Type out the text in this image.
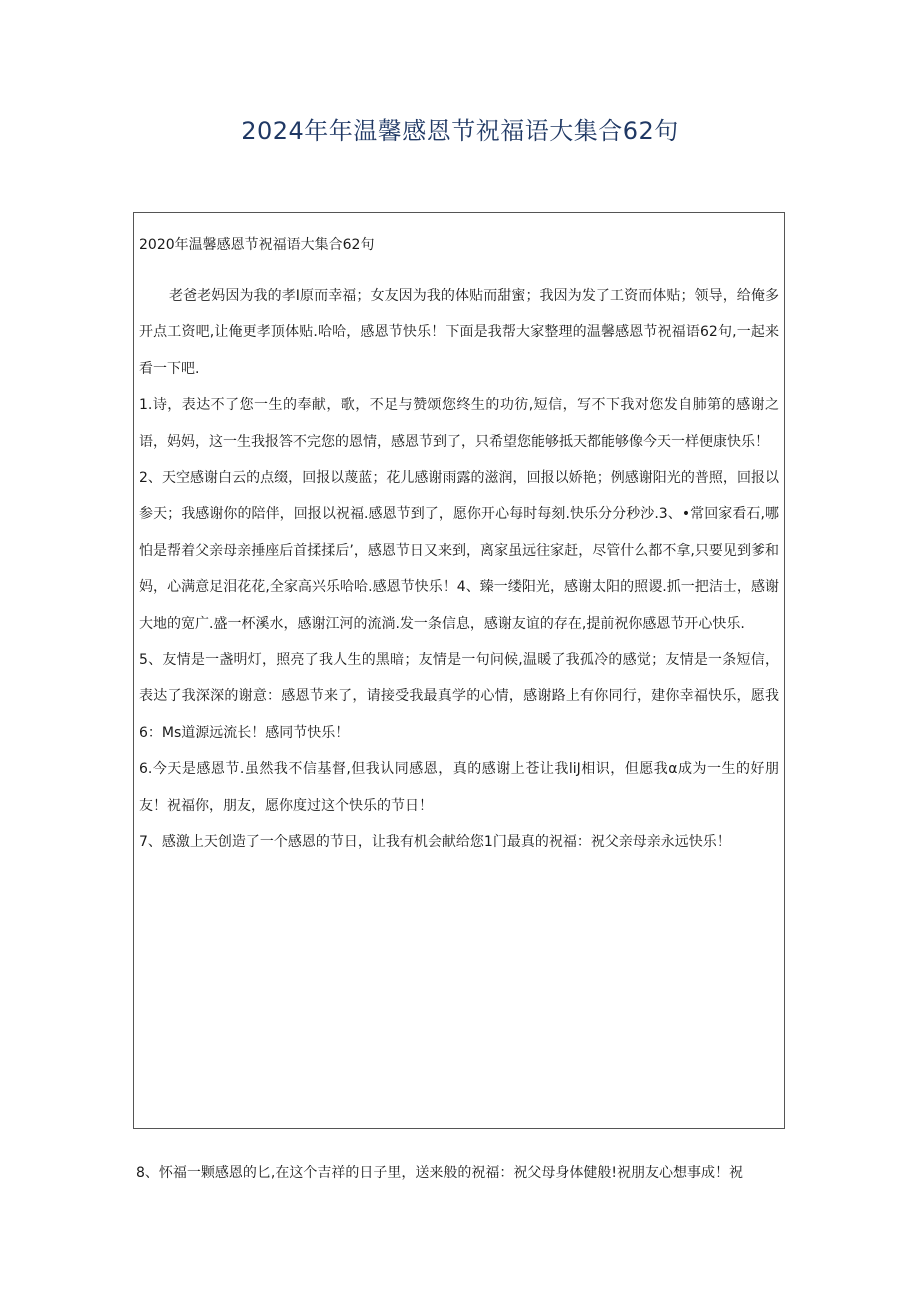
2024年年温馨感恩节祝福语大集合62句
2020年温馨感恩节祝福语大集合62句

老爸老妈因为我的孝I原而幸福；女友因为我的体贴而甜蜜；我因为发了工资而体贴；领导，给俺多开点工资吧,让俺更孝顶体贴.哈哈，感恩节快乐！下面是我帮大家整理的温馨感恩节祝福语62句,一起来看一下吧.

1.诗，表达不了您一生的奉献，歌，不足与赞颂您终生的功彷,短信，写不下我对您发自肺第的感谢之语，妈妈，这一生我报答不完您的恩情，感恩节到了，只希望您能够抵天都能够像今天一样便康快乐！

2、天空感谢白云的点缀，回报以蔑蓝；花儿感谢雨露的滋润，回报以娇艳；例感谢阳光的普照，回报以参天；我感谢你的陪伴，回报以祝福.感恩节到了，愿你开心每时每刻.快乐分分秒沙.3、•常回家看石,哪怕是帮着父亲母亲捶座后首揉揉后’，感恩节日又来到，离家虽远往家赶，尽管什么都不拿,只要见到爹和妈，心满意足泪花花,全家高兴乐哈哈.感恩节快乐！4、臻一缕阳光，感谢太阳的照谡.抓一把洁士，感谢大地的宽广.盛一杯溪水，感谢江河的流淌.发一条信息，感谢友谊的存在,提前祝你感恩节开心快乐.

5、友情是一盏明灯，照亮了我人生的黑暗；友情是一句问候,温暖了我孤冷的感觉；友情是一条短信，表达了我深深的谢意：感恩节来了，请接受我最真学的心情，感谢路上有你同行，建你幸福快乐，愿我6：Ms道源远流长！感同节快乐！

6.今天是感恩节.虽然我不信基督,但我认同感恩，真的感谢上苍让我liJ相识，但愿我α成为一生的好朋友！祝福你，朋友，愿你度过这个快乐的节日！

7、感激上天创造了一个感恩的节日，让我有机会献给您1门最真的祝福：祝父亲母亲永远快乐！

8、怀福一颗感恩的匕,在这个吉祥的日子里，送来般的祝福：祝父母身体健般!祝朋友心想事成！祝
